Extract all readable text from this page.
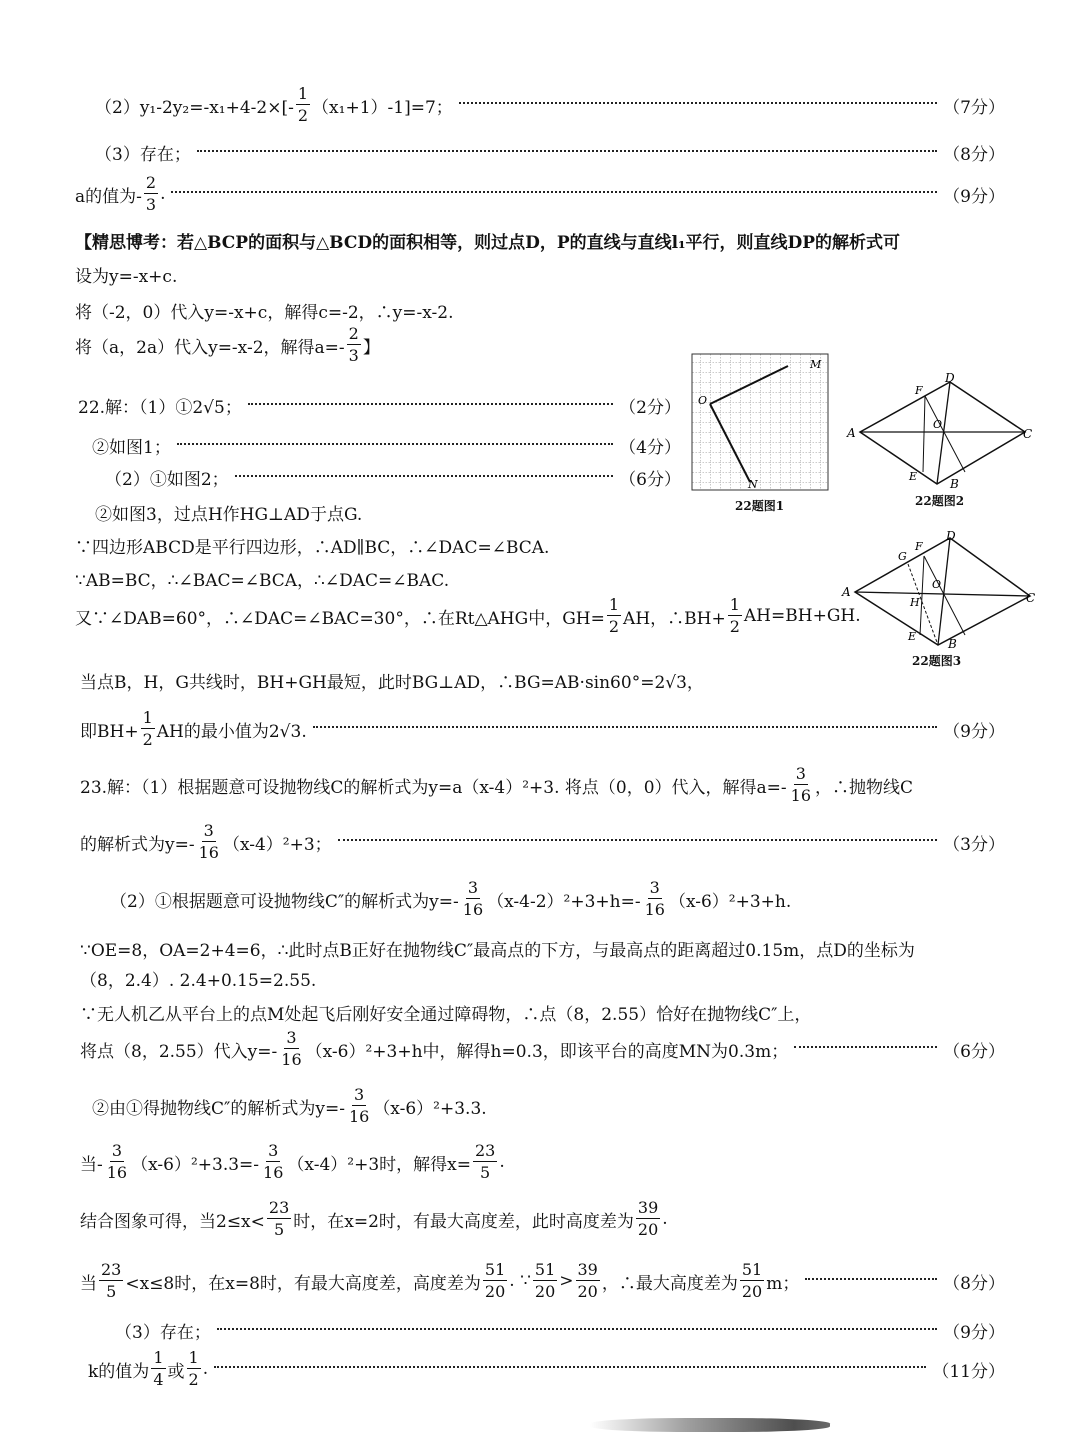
$(2)y_1-2y_2=-x_1+4-2\times[- \frac{1}{2} (x_1+1)-1]=7$；	（7分）
（3）存在；	（8分）
a的值为- $\frac{2}{3}$ .	（9分）
【精思博考：若△BCP的面积与△BCD的面积相等，则过点D，P的直线与直线l₁平行，则直线DP的解析式可
设为y=-x+c.
将（-2，0）代入y=-x+c，解得c=-2，∴y=-x-2.
将（a，2a）代入y=-x-2，解得$a=- \frac{2}{3}$ 】
22.解：（1）①2√5；	（2分）
②如图1；	（4分）
（2）①如图2；	（6分）
②如图3，过点H作HG⊥AD于点G.
∵四边形ABCD是平行四边形，∴AD∥BC，∴∠DAC=∠BCA.
∵AB=BC，∴∠BAC=∠BCA，∴∠DAC=∠BAC.
又∵∠DAB=60°，∴∠DAC=∠BAC=30°，∴在Rt△AHG中，$GH= \frac{1}{2}$ AH，∴BH+ $\frac{1}{2} AH=BH+GH$.
当点B，H，G共线时，BH+GH最短，此时BG⊥AD，∴BG=AB·sin60°=2√3，
即$BH+ \frac{1}{2}$ AH的最小值为2√3.	（9分）
23.解：（1）根据题意可设抛物线C的解析式为y=a（x-4）²+3. 将点（0，0）代入，解得$a=- \frac{3}{16}$ ，∴抛物线C
的解析式为$y=- \frac{3}{16} (x-4)^2+3$；	（3分）
（2）①根据题意可设抛物线C″的解析式为$y=- \frac{3}{16} (x-4-2)^2+3+h=- \frac{3}{16} (x-6)^2+3+h$.
∵OE=8，OA=2+4=6，∴此时点B正好在抛物线C″最高点的下方，与最高点的距离超过0.15m，点D的坐标为
（8，2.4）. 2.4+0.15=2.55.
∵无人机乙从平台上的点M处起飞后刚好安全通过障碍物，∴点（8，2.55）恰好在抛物线C″上，
将点（8，2.55）代入$y=- \frac{3}{16} (x-6)^2+3+h$中，解得h=0.3，即该平台的高度MN为0.3m；	（6分）
②由①得抛物线C″的解析式为$y=- \frac{3}{16} (x-6)^2+3.3$.
当- $\frac{3}{16} (x-6)^2+3.3=- \frac{3}{16} (x-4)^2+3$时，解得$x= \frac{23}{5}$ .
结合图象可得，当$2\le x< \frac{23}{5}$ 时，在x=2时，有最大高度差，此时高度差为 $\frac{39}{20}$ .
当 $\frac{23}{5} <x\le 8$时，在x=8时，有最大高度差，高度差为 $\frac{51}{20}$ . ∵ $\frac{51}{20} > \frac{39}{20}$ ，∴最大高度差为 $\frac{51}{20}$ m；	（8分）
（3）存在；	（9分）
k的值为 $\frac{1}{4}$ 或 $\frac{1}{2}$ .	（11分）
O
M
N
22题图1
A
D
C
B
F
E
O
22题图2
A
D
C
B
F
G
E
H
O
22题图3
